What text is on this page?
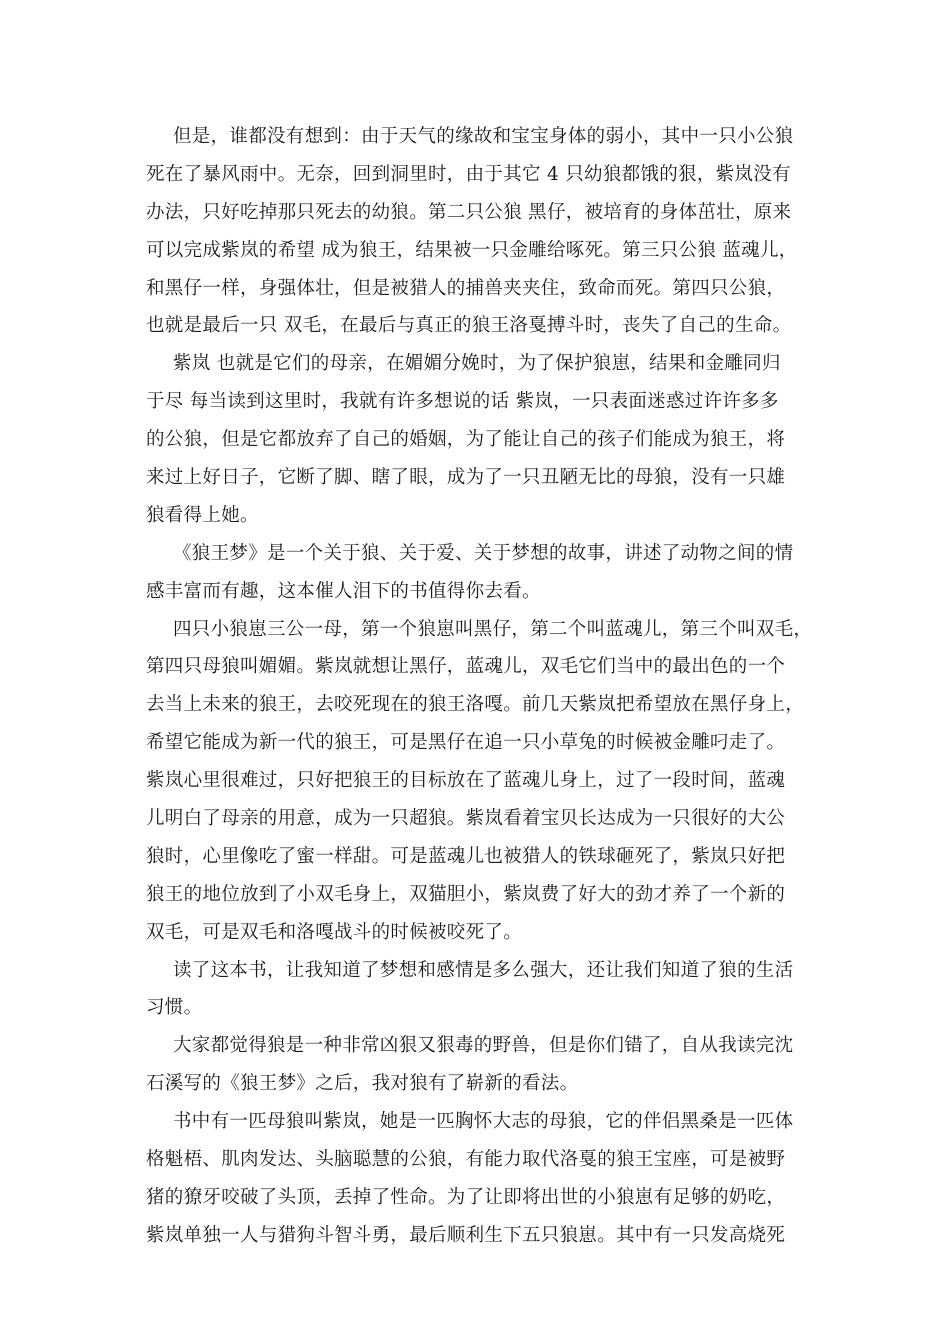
但是，谁都没有想到：由于天气的缘故和宝宝身体的弱小，其中一只小公狼
死在了暴风雨中。无奈，回到洞里时，由于其它 4 只幼狼都饿的狠，紫岚没有
办法，只好吃掉那只死去的幼狼。第二只公狼 黑仔，被培育的身体茁壮，原来
可以完成紫岚的希望 成为狼王，结果被一只金雕给啄死。第三只公狼 蓝魂儿，
和黑仔一样，身强体壮，但是被猎人的捕兽夹夹住，致命而死。第四只公狼，
也就是最后一只 双毛，在最后与真正的狼王洛戛搏斗时，丧失了自己的生命。
紫岚 也就是它们的母亲，在媚媚分娩时，为了保护狼崽，结果和金雕同归
于尽 每当读到这里时，我就有许多想说的话 紫岚，一只表面迷惑过许许多多
的公狼，但是它都放弃了自己的婚姻，为了能让自己的孩子们能成为狼王，将
来过上好日子，它断了脚、瞎了眼，成为了一只丑陋无比的母狼，没有一只雄
狼看得上她。
《狼王梦》是一个关于狼、关于爱、关于梦想的故事，讲述了动物之间的情
感丰富而有趣，这本催人泪下的书值得你去看。
四只小狼崽三公一母，第一个狼崽叫黑仔，第二个叫蓝魂儿，第三个叫双毛，
第四只母狼叫媚媚。紫岚就想让黑仔，蓝魂儿，双毛它们当中的最出色的一个
去当上未来的狼王，去咬死现在的狼王洛嘎。前几天紫岚把希望放在黑仔身上，
希望它能成为新一代的狼王，可是黑仔在追一只小草兔的时候被金雕叼走了。
紫岚心里很难过，只好把狼王的目标放在了蓝魂儿身上，过了一段时间，蓝魂
儿明白了母亲的用意，成为一只超狼。紫岚看着宝贝长达成为一只很好的大公
狼时，心里像吃了蜜一样甜。可是蓝魂儿也被猎人的铁球砸死了，紫岚只好把
狼王的地位放到了小双毛身上，双猫胆小，紫岚费了好大的劲才养了一个新的
双毛，可是双毛和洛嘎战斗的时候被咬死了。
读了这本书，让我知道了梦想和感情是多么强大，还让我们知道了狼的生活
习惯。
大家都觉得狼是一种非常凶狠又狠毒的野兽，但是你们错了，自从我读完沈
石溪写的《狼王梦》之后，我对狼有了崭新的看法。
书中有一匹母狼叫紫岚，她是一匹胸怀大志的母狼，它的伴侣黑桑是一匹体
格魁梧、肌肉发达、头脑聪慧的公狼，有能力取代洛戛的狼王宝座，可是被野
猪的獠牙咬破了头顶，丢掉了性命。为了让即将出世的小狼崽有足够的奶吃，
紫岚单独一人与猎狗斗智斗勇，最后顺利生下五只狼崽。其中有一只发高烧死
